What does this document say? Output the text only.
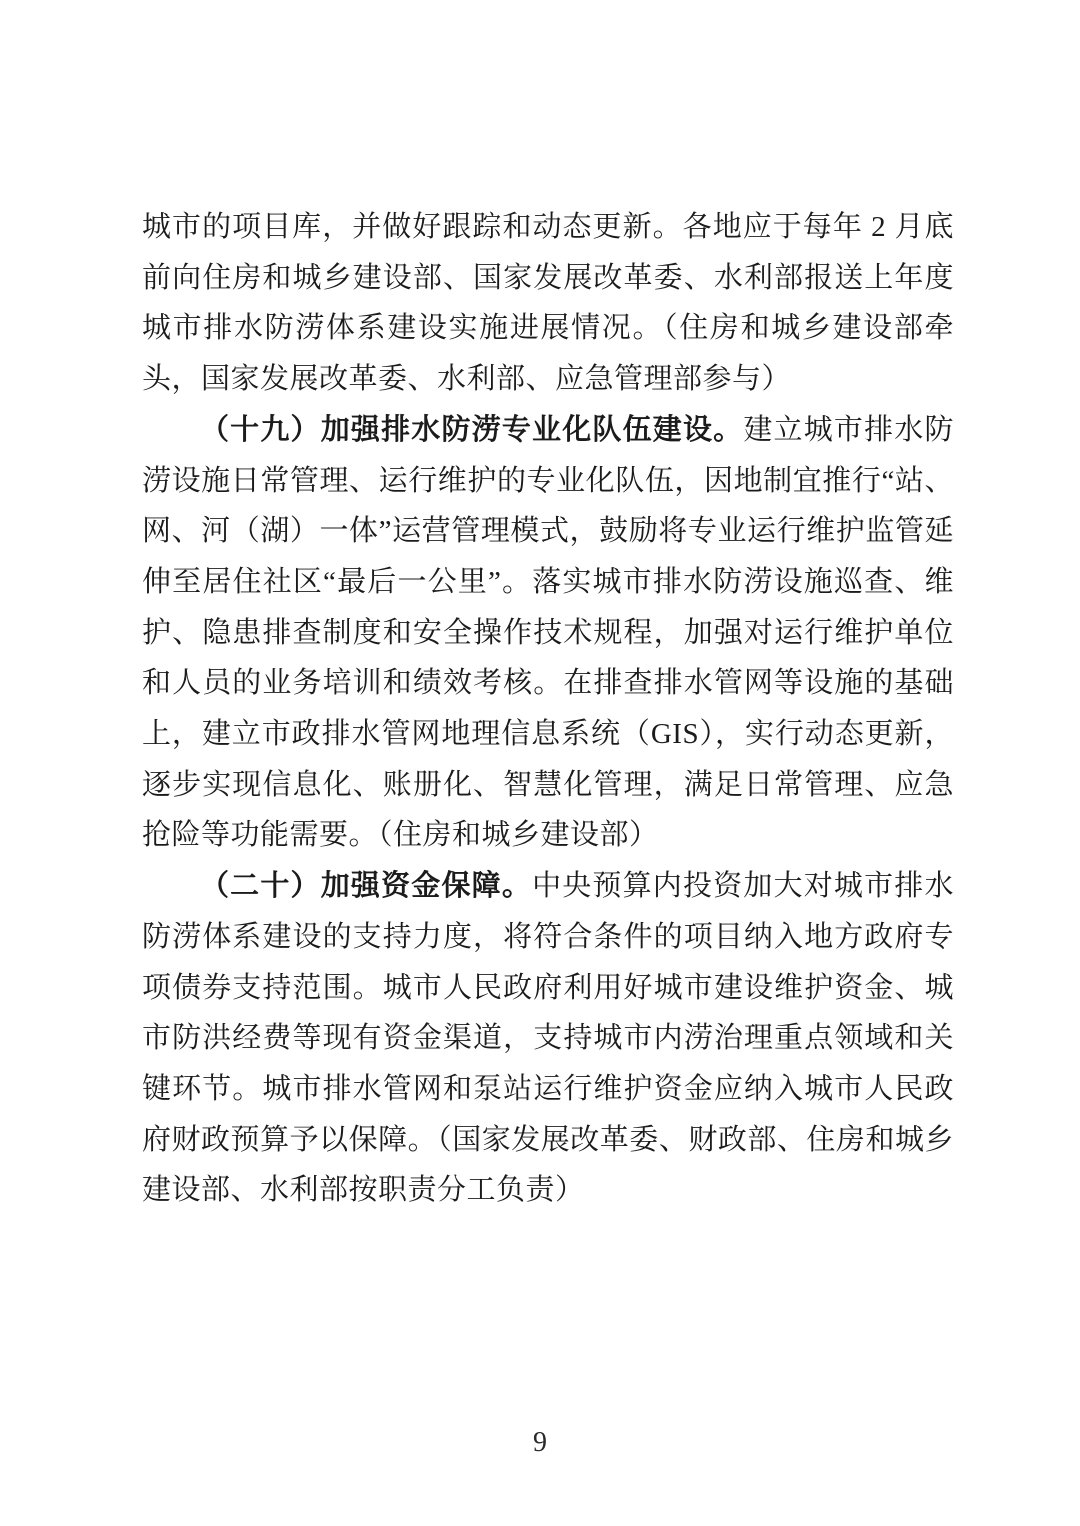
城市的项目库，并做好跟踪和动态更新。各地应于每年 2 月底前向住房和城乡建设部、国家发展改革委、水利部报送上年度城市排水防涝体系建设实施进展情况。（住房和城乡建设部牵头，国家发展改革委、水利部、应急管理部参与）

（十九）加强排水防涝专业化队伍建设。建立城市排水防涝设施日常管理、运行维护的专业化队伍，因地制宜推行“站、网、河（湖）一体”运营管理模式，鼓励将专业运行维护监管延伸至居住社区“最后一公里”。落实城市排水防涝设施巡查、维护、隐患排查制度和安全操作技术规程，加强对运行维护单位和人员的业务培训和绩效考核。在排查排水管网等设施的基础上，建立市政排水管网地理信息系统（GIS），实行动态更新，逐步实现信息化、账册化、智慧化管理，满足日常管理、应急抢险等功能需要。（住房和城乡建设部）

（二十）加强资金保障。中央预算内投资加大对城市排水防涝体系建设的支持力度，将符合条件的项目纳入地方政府专项债券支持范围。城市人民政府利用好城市建设维护资金、城市防洪经费等现有资金渠道，支持城市内涝治理重点领域和关键环节。城市排水管网和泵站运行维护资金应纳入城市人民政府财政预算予以保障。（国家发展改革委、财政部、住房和城乡建设部、水利部按职责分工负责）

9
